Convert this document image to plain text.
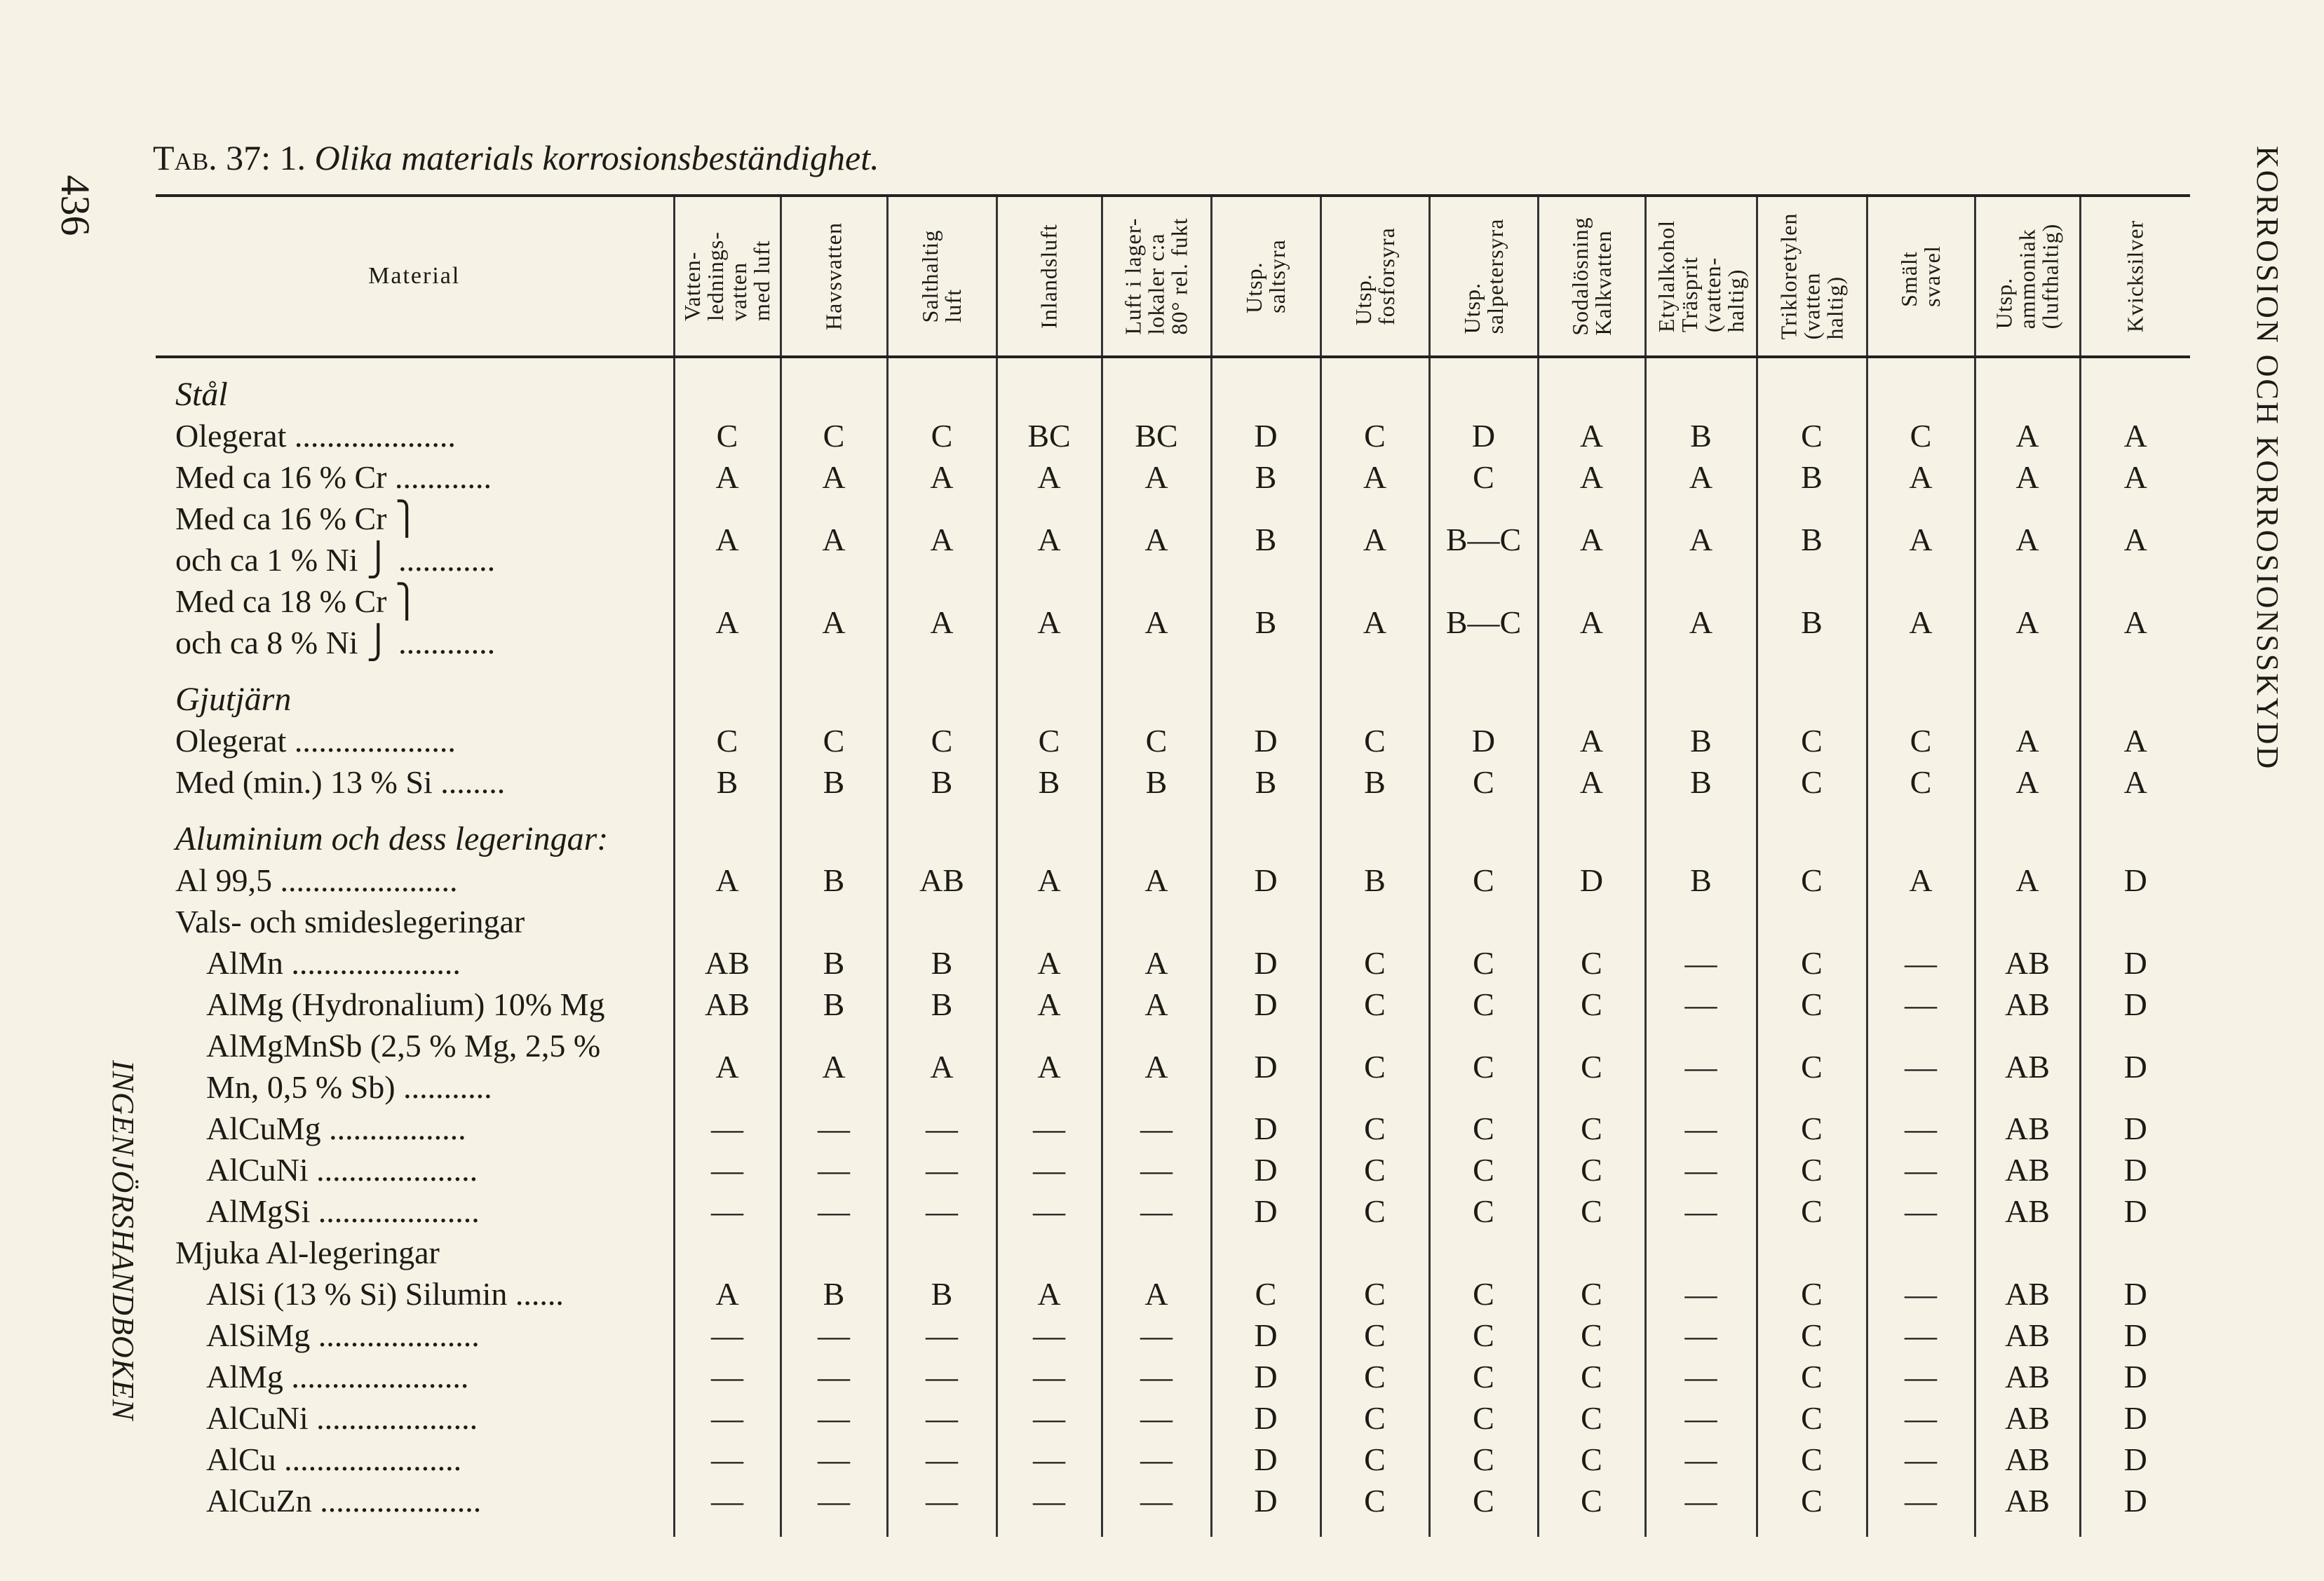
436
Tab. 37: 1. Olika materials korrosionsbeständighet.
INGENJÖRSHANDBOKEN
KORROSION OCH KORROSIONSSKYDD
Material	Vatten-
lednings-
vatten
med luft	Havsvatten	Salthaltig
luft	Inlandsluft	Luft i lager-
lokaler c:a
80° rel. fukt	Utsp.
saltsyra	Utsp.
fosforsyra	Utsp.
salpetersyra	Sodalösning
Kalkvatten	Etylalkohol
Träsprit
(vatten-
haltig)	Trikloretylen
(vatten
haltig)	Smält
svavel	Utsp.
ammoniak
(lufthaltig)	Kvicksilver

Stål														

Olegerat ....................	C	C	C	BC	BC	D	C	D	A	B	C	C	A	A

Med ca 16 % Cr ............	A	A	A	A	A	B	A	C	A	A	B	A	A	A

Med ca 16 % Cr ⎫
och ca 1 % Ni ⎭ ............	A	A	A	A	A	B	A	B—C	A	A	B	A	A	A

Med ca 18 % Cr ⎫
och ca 8 % Ni ⎭ ............	A	A	A	A	A	B	A	B—C	A	A	B	A	A	A

Gjutjärn														

Olegerat ....................	C	C	C	C	C	D	C	D	A	B	C	C	A	A

Med (min.) 13 % Si ........	B	B	B	B	B	B	B	C	A	B	C	C	A	A

Aluminium och dess legeringar:														

Al 99,5 ......................	A	B	AB	A	A	D	B	C	D	B	C	A	A	D
Vals- och smideslegeringar														

AlMn .....................	AB	B	B	A	A	D	C	C	C	—	C	—	AB	D

AlMg (Hydronalium) 10% Mg	AB	B	B	A	A	D	C	C	C	—	C	—	AB	D

AlMgMnSb (2,5 % Mg, 2,5 %
Mn, 0,5 % Sb) ...........	A	A	A	A	A	D	C	C	C	—	C	—	AB	D

AlCuMg .................	—	—	—	—	—	D	C	C	C	—	C	—	AB	D

AlCuNi ....................	—	—	—	—	—	D	C	C	C	—	C	—	AB	D

AlMgSi ....................	—	—	—	—	—	D	C	C	C	—	C	—	AB	D
Mjuka Al-legeringar														

AlSi (13 % Si) Silumin ......	A	B	B	A	A	C	C	C	C	—	C	—	AB	D

AlSiMg ....................	—	—	—	—	—	D	C	C	C	—	C	—	AB	D

AlMg ......................	—	—	—	—	—	D	C	C	C	—	C	—	AB	D

AlCuNi ....................	—	—	—	—	—	D	C	C	C	—	C	—	AB	D

AlCu ......................	—	—	—	—	—	D	C	C	C	—	C	—	AB	D

AlCuZn ....................	—	—	—	—	—	D	C	C	C	—	C	—	AB	D
